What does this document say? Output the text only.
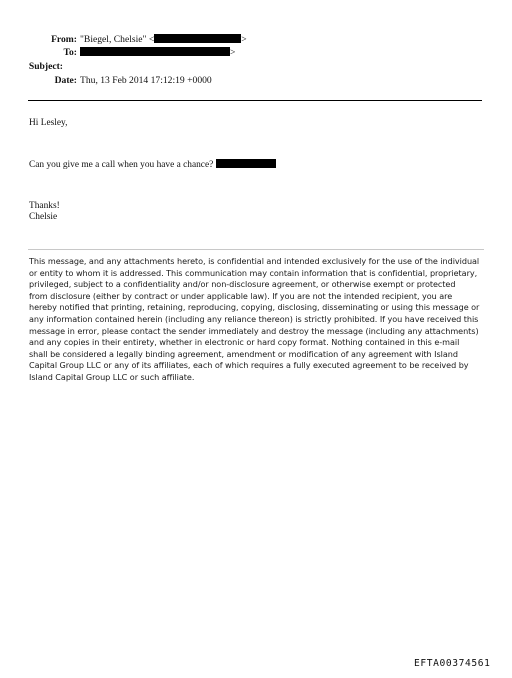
From: "Biegel, Chelsie" <	>
To:	>
Subject:
Date: Thu, 13 Feb 2014 17:12:19 +0000
Hi Lesley,
Can you give me a call when you have a chance?
Thanks!
Chelsie
This message, and any attachments hereto, is confidential and intended exclusively for the use of the individual
or entity to whom it is addressed. This communication may contain information that is confidential, proprietary,
privileged, subject to a confidentiality and/or non-disclosure agreement, or otherwise exempt or protected
from disclosure (either by contract or under applicable law). If you are not the intended recipient, you are
hereby notified that printing, retaining, reproducing, copying, disclosing, disseminating or using this message or
any information contained herein (including any reliance thereon) is strictly prohibited. If you have received this
message in error, please contact the sender immediately and destroy the message (including any attachments)
and any copies in their entirety, whether in electronic or hard copy format. Nothing contained in this e-mail
shall be considered a legally binding agreement, amendment or modification of any agreement with Island
Capital Group LLC or any of its affiliates, each of which requires a fully executed agreement to be received by
Island Capital Group LLC or such affiliate.
EFTA00374561
